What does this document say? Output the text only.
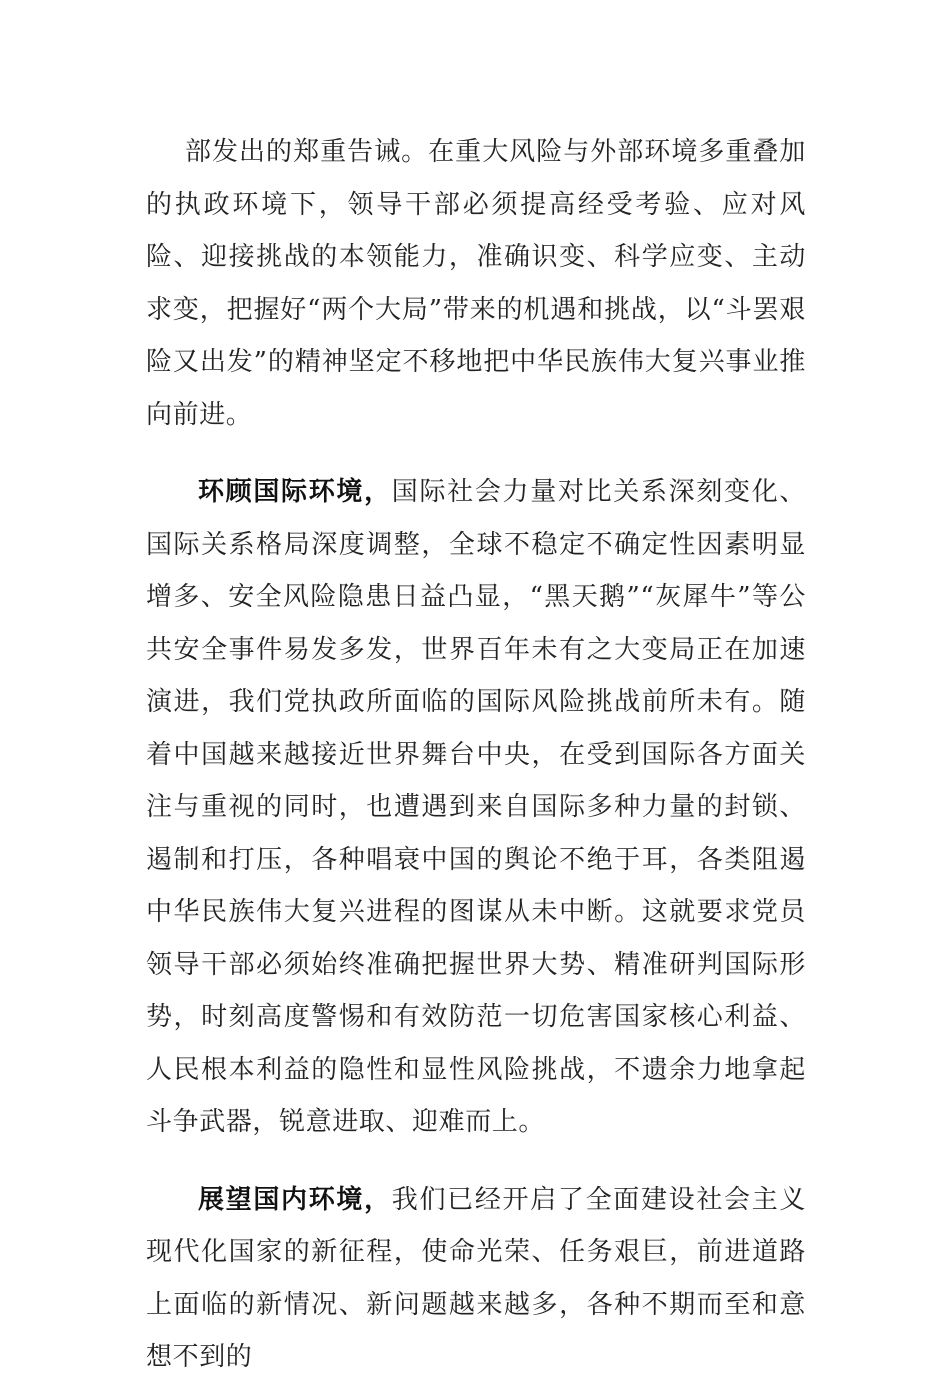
部发出的郑重告诫。在重大风险与外部环境多重叠加的执政环境下，领导干部必须提高经受考验、应对风险、迎接挑战的本领能力，准确识变、科学应变、主动求变，把握好“两个大局”带来的机遇和挑战，以“斗罢艰险又出发”的精神坚定不移地把中华民族伟大复兴事业推向前进。

环顾国际环境，国际社会力量对比关系深刻变化、国际关系格局深度调整，全球不稳定不确定性因素明显增多、安全风险隐患日益凸显，“黑天鹅”“灰犀牛”等公共安全事件易发多发，世界百年未有之大变局正在加速演进，我们党执政所面临的国际风险挑战前所未有。随着中国越来越接近世界舞台中央，在受到国际各方面关注与重视的同时，也遭遇到来自国际多种力量的封锁、遏制和打压，各种唱衰中国的舆论不绝于耳，各类阻遏中华民族伟大复兴进程的图谋从未中断。这就要求党员领导干部必须始终准确把握世界大势、精准研判国际形势，时刻高度警惕和有效防范一切危害国家核心利益、人民根本利益的隐性和显性风险挑战，不遗余力地拿起斗争武器，锐意进取、迎难而上。

展望国内环境，我们已经开启了全面建设社会主义现代化国家的新征程，使命光荣、任务艰巨，前进道路上面临的新情况、新问题越来越多，各种不期而至和意想不到的
